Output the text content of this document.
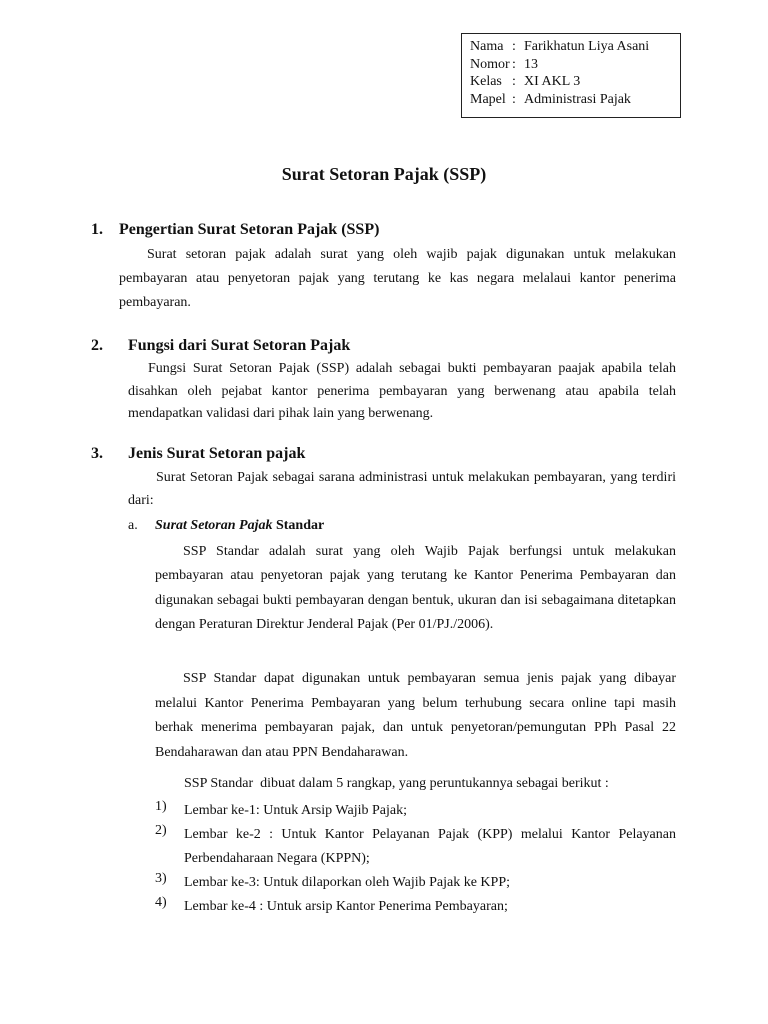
Nama : Farikhatun Liya Asani
Nomor : 13
Kelas : XI AKL 3
Mapel : Administrasi Pajak
Surat Setoran Pajak (SSP)
1. Pengertian Surat Setoran Pajak (SSP)
Surat setoran pajak adalah surat yang oleh wajib pajak digunakan untuk melakukan pembayaran atau penyetoran pajak yang terutang ke kas negara melalaui kantor penerima pembayaran.
2. Fungsi dari Surat Setoran Pajak
Fungsi Surat Setoran Pajak (SSP) adalah sebagai bukti pembayaran paajak apabila telah disahkan oleh pejabat kantor penerima pembayaran yang berwenang atau apabila telah mendapatkan validasi dari pihak lain yang berwenang.
3. Jenis Surat Setoran pajak
Surat Setoran Pajak sebagai sarana administrasi untuk melakukan pembayaran, yang terdiri dari:
a. Surat Setoran Pajak Standar
SSP Standar adalah surat yang oleh Wajib Pajak berfungsi untuk melakukan pembayaran atau penyetoran pajak yang terutang ke Kantor Penerima Pembayaran dan digunakan sebagai bukti pembayaran dengan bentuk, ukuran dan isi sebagaimana ditetapkan dengan Peraturan Direktur Jenderal Pajak (Per 01/PJ./2006).
SSP Standar dapat digunakan untuk pembayaran semua jenis pajak yang dibayar melalui Kantor Penerima Pembayaran yang belum terhubung secara online tapi masih berhak menerima pembayaran pajak, dan untuk penyetoran/pemungutan PPh Pasal 22 Bendaharawan dan atau PPN Bendaharawan.
SSP Standar  dibuat dalam 5 rangkap, yang peruntukannya sebagai berikut :
1)	Lembar ke-1: Untuk Arsip Wajib Pajak;
2)	Lembar ke-2 : Untuk Kantor Pelayanan Pajak (KPP) melalui Kantor Pelayanan Perbendaharaan Negara (KPPN);
3)	Lembar ke-3: Untuk dilaporkan oleh Wajib Pajak ke KPP;
4)	Lembar ke-4 : Untuk arsip Kantor Penerima Pembayaran;
